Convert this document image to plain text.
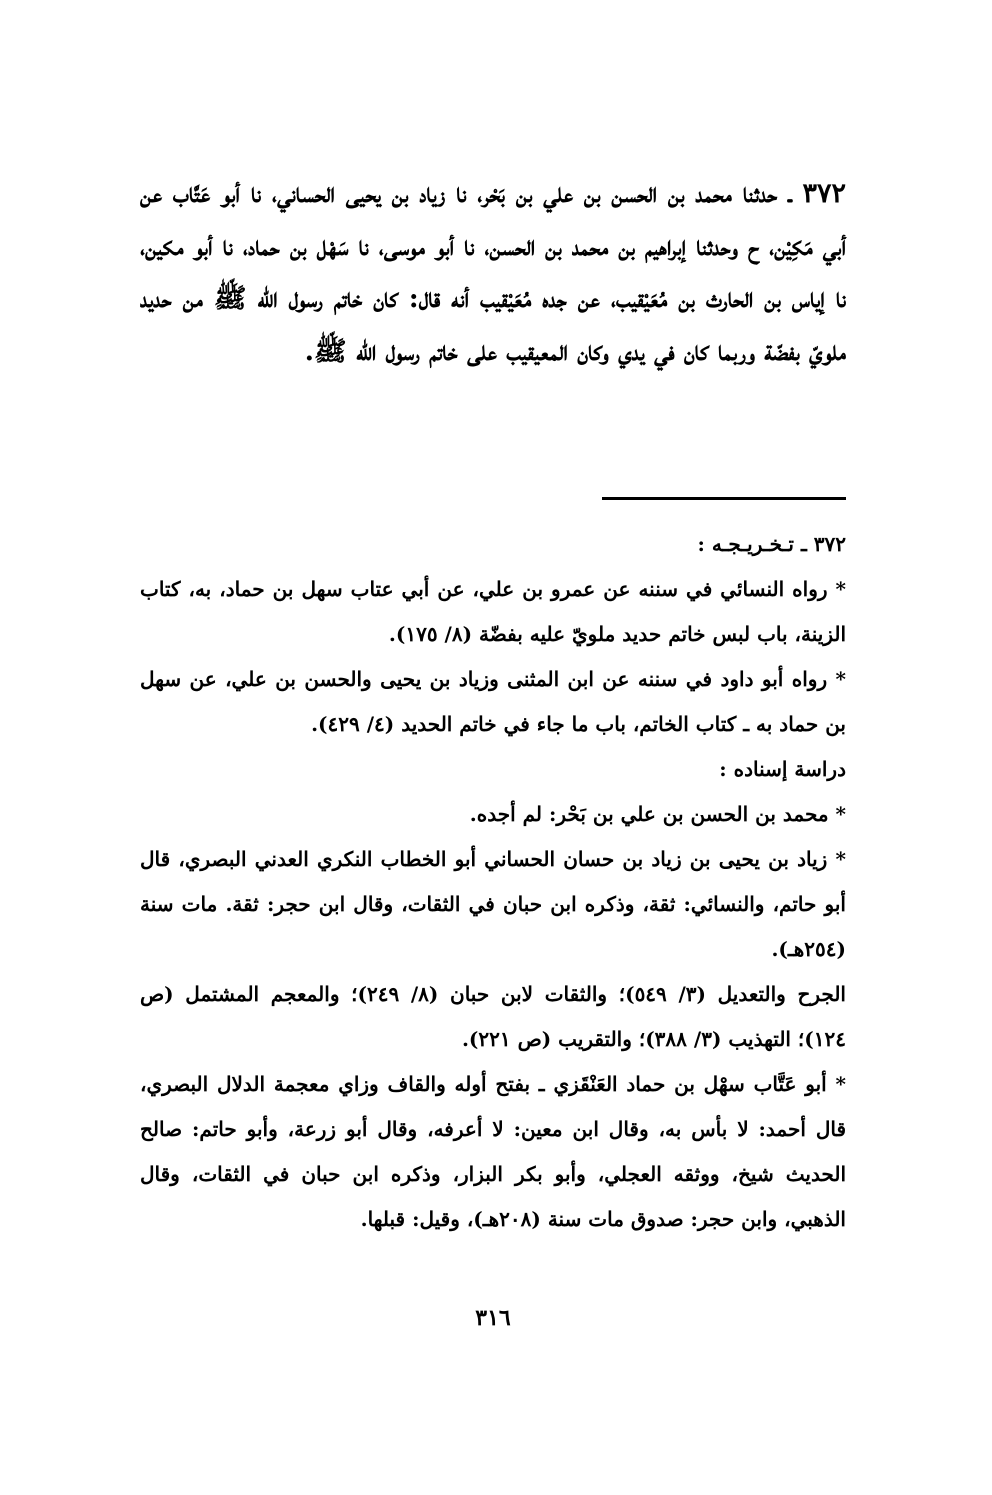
٣٧٢ ـ حدثنا محمد بن الحسن بن علي بن بَحْر، نا زياد بن يحيى الحساني، نا أبو عَتَّاب عن أبي مَكِيْن، ح وحدثنا إبراهيم بن محمد بن الحسن، نا أبو موسى، نا سَهْل بن حماد، نا أبو مكين، نا إياس بن الحارث بن مُعَيْقيب، عن جده مُعَيْقيب أنه قال: كان خاتم رسول الله ﷺ من حديد ملويّ بفضّة وربما كان في يدي وكان المعيقيب على خاتم رسول الله ﷺ.

٣٧٢ ـ تـخـريـجـه :

* رواه النسائي في سننه عن عمرو بن علي، عن أبي عتاب سهل بن حماد، به، كتاب الزينة، باب لبس خاتم حديد ملويّ عليه بفضّة (٨/ ١٧٥).

* رواه أبو داود في سننه عن ابن المثنى وزياد بن يحيى والحسن بن علي، عن سهل بن حماد به ـ كتاب الخاتم، باب ما جاء في خاتم الحديد (٤/ ٤٢٩).

دراسة إسناده :

* محمد بن الحسن بن علي بن بَحْر: لم أجده.

* زياد بن يحيى بن زياد بن حسان الحساني أبو الخطاب النكري العدني البصري، قال أبو حاتم، والنسائي: ثقة، وذكره ابن حبان في الثقات، وقال ابن حجر: ثقة. مات سنة (٢٥٤هـ).

الجرح والتعديل (٣/ ٥٤٩)؛ والثقات لابن حبان (٨/ ٢٤٩)؛ والمعجم المشتمل (ص ١٢٤)؛ التهذيب (٣/ ٣٨٨)؛ والتقريب (ص ٢٢١).

* أبو عَتَّاب سهْل بن حماد العَنْقَزي ـ بفتح أوله والقاف وزاي معجمة الدلال البصري، قال أحمد: لا بأس به، وقال ابن معين: لا أعرفه، وقال أبو زرعة، وأبو حاتم: صالح الحديث شيخ، ووثقه العجلي، وأبو بكر البزار، وذكره ابن حبان في الثقات، وقال الذهبي، وابن حجر: صدوق مات سنة (٢٠٨هـ)، وقيل: قبلها.

٣١٦
